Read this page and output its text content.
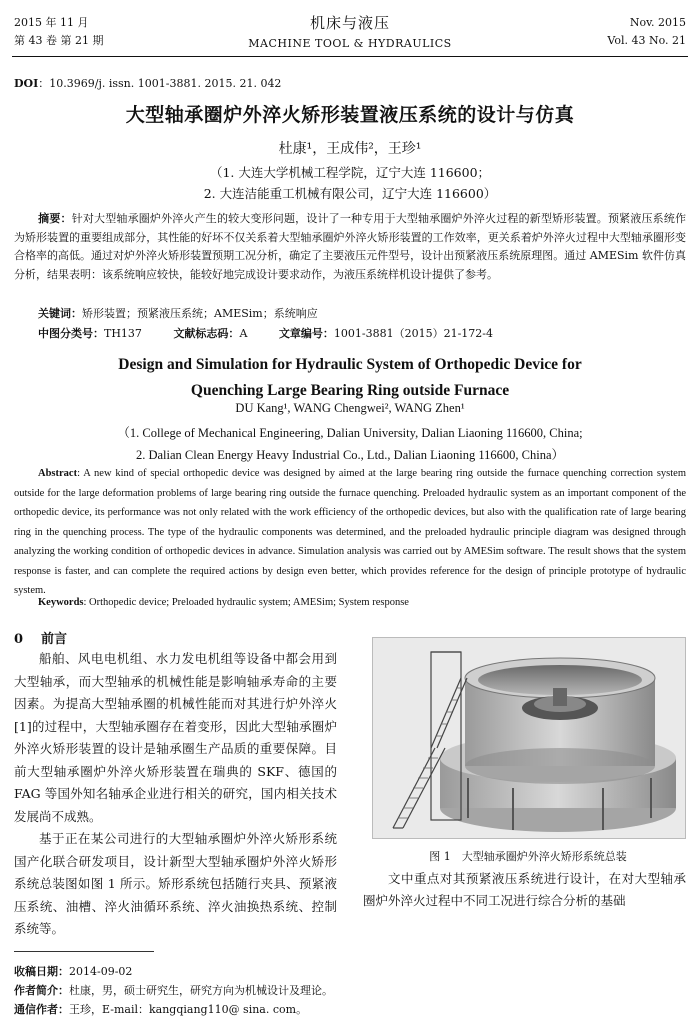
2015 年 11 月
第 43 卷 第 21 期
机床与液压
MACHINE TOOL & HYDRAULICS
Nov. 2015
Vol. 43 No. 21
DOI：10.3969/j. issn. 1001-3881. 2015. 21. 042
大型轴承圈炉外淬火矫形装置液压系统的设计与仿真
杜康¹，王成伟²，王珍¹
（1. 大连大学机械工程学院，辽宁大连 116600；
2. 大连洁能重工机械有限公司，辽宁大连 116600）
摘要：针对大型轴承圈炉外淬火产生的较大变形问题，设计了一种专用于大型轴承圈炉外淬火过程的新型矫形装置。预紧液压系统作为矫形装置的重要组成部分，其性能的好坏不仅关系着大型轴承圈炉外淬火矫形装置的工作效率，更关系着炉外淬火过程中大型轴承圈形变合格率的高低。通过对炉外淬火矫形装置预期工况分析，确定了主要液压元件型号，设计出预紧液压系统原理图。通过 AMESim 软件仿真分析，结果表明：该系统响应较快，能较好地完成设计要求动作，为液压系统样机设计提供了参考。
关键词：矫形装置；预紧液压系统；AMESim；系统响应
中图分类号：TH137	文献标志码：A	文章编号：1001-3881（2015）21-172-4
Design and Simulation for Hydraulic System of Orthopedic Device for
Quenching Large Bearing Ring outside Furnace
DU Kang¹, WANG Chengwei², WANG Zhen¹
（1. College of Mechanical Engineering, Dalian University, Dalian Liaoning 116600, China;
2. Dalian Clean Energy Heavy Industrial Co., Ltd., Dalian Liaoning 116600, China）
Abstract: A new kind of special orthopedic device was designed by aimed at the large bearing ring outside the furnace quenching correction system outside for the large deformation problems of large bearing ring outside the furnace quenching. Preloaded hydraulic system as an important component of the orthopedic device, its performance was not only related with the work efficiency of the orthopedic devices, but also with the qualification rate of large bearing ring in the quenching process. The type of the hydraulic components was determined, and the preloaded hydraulic principle diagram was designed through analyzing the working condition of orthopedic devices in advance. Simulation analysis was carried out by AMESim software. The result shows that the system response is faster, and can complete the required actions by design even better, which provides reference for the design of principle prototype of hydraulic system.
Keywords: Orthopedic device; Preloaded hydraulic system; AMESim; System response
0 前言

船舶、风电电机组、水力发电机组等设备中都会用到大型轴承，而大型轴承的机械性能是影响轴承寿命的主要因素。为提高大型轴承圈的机械性能而对其进行炉外淬火[1]的过程中，大型轴承圈存在着变形，因此大型轴承圈炉外淬火矫形装置的设计是轴承圈生产品质的重要保障。目前大型轴承圈炉外淬火矫形装置在瑞典的 SKF、德国的 FAG 等国外知名轴承企业进行相关的研究，国内相关技术发展尚不成熟。

基于正在某公司进行的大型轴承圈炉外淬火矫形系统国产化联合研发项目，设计新型大型轴承圈炉外淬火矫形系统总装图如图 1 所示。矫形系统包括随行夹具、预紧液压系统、油槽、淬火油循环系统、淬火油换热系统、控制系统等。

图 1　大型轴承圈炉外淬火矫形系统总装

文中重点对其预紧液压系统进行设计，在对大型轴承圈炉外淬火过程中不同工况进行综合分析的基础

收稿日期：2014-09-02
作者简介：杜康，男，硕士研究生，研究方向为机械设计及理论。
通信作者：王珍，E-mail：kangqiang110@ sina. com。
